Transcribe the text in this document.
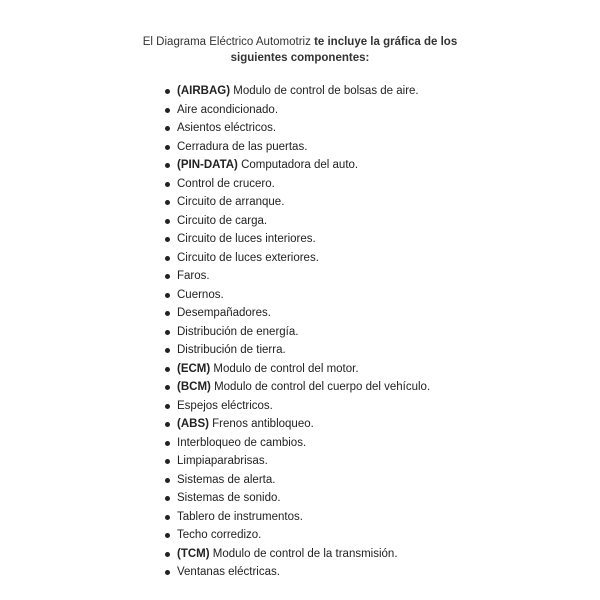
El Diagrama Eléctrico Automotriz te incluye la gráfica de los siguientes componentes:
(AIRBAG) Modulo de control de bolsas de aire.
Aire acondicionado.
Asientos eléctricos.
Cerradura de las puertas.
(PIN-DATA) Computadora del auto.
Control de crucero.
Circuito de arranque.
Circuito de carga.
Circuito de luces interiores.
Circuito de luces exteriores.
Faros.
Cuernos.
Desempañadores.
Distribución de energía.
Distribución de tierra.
(ECM) Modulo de control del motor.
(BCM) Modulo de control del cuerpo del vehículo.
Espejos eléctricos.
(ABS) Frenos antibloqueo.
Interbloqueo de cambios.
Limpiaparabrisas.
Sistemas de alerta.
Sistemas de sonido.
Tablero de instrumentos.
Techo corredizo.
(TCM) Modulo de control de la transmisión.
Ventanas eléctricas.
